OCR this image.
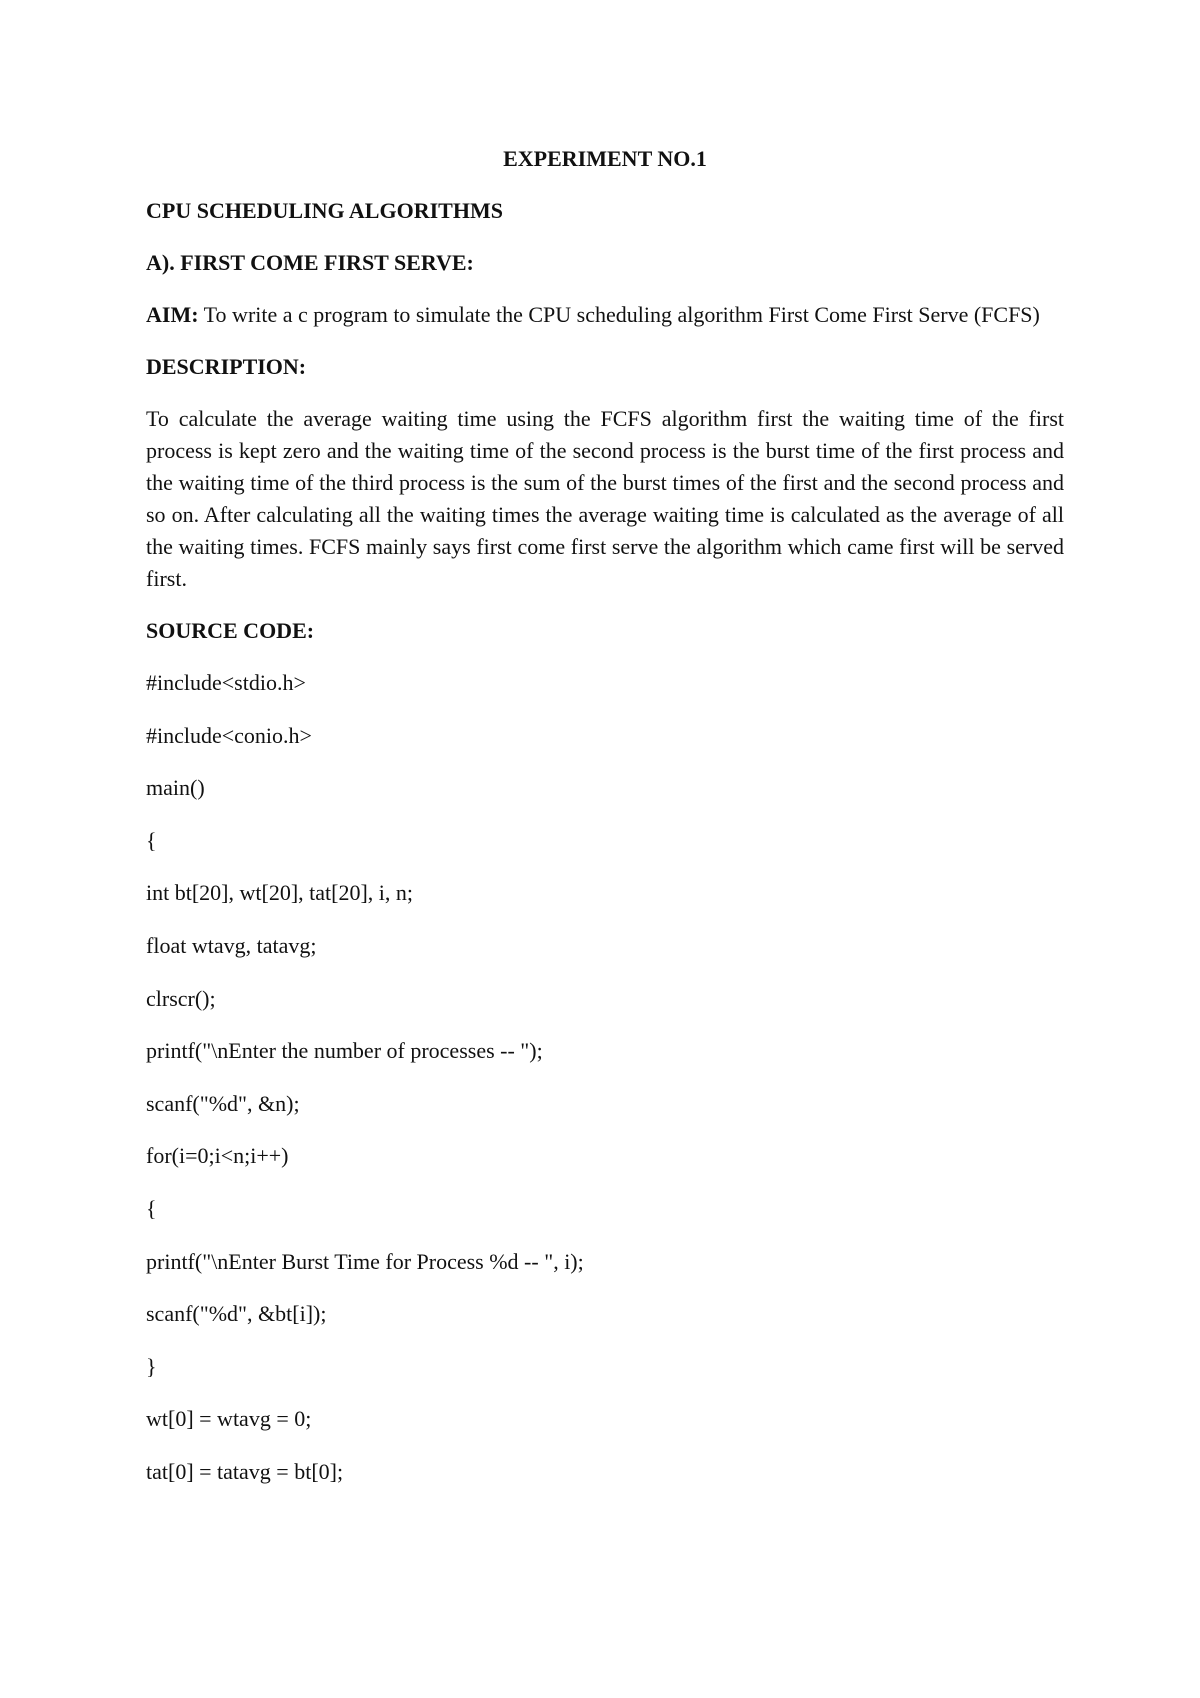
EXPERIMENT NO.1
CPU SCHEDULING ALGORITHMS
A). FIRST COME FIRST SERVE:
AIM: To write a c program to simulate the CPU scheduling algorithm First Come First Serve (FCFS)
DESCRIPTION:
To calculate the average waiting time using the FCFS algorithm first the waiting time of the first process is kept zero and the waiting time of the second process is the burst time of the first process and the waiting time of the third process is the sum of the burst times of the first and the second process and so on. After calculating all the waiting times the average waiting time is calculated as the average of all the waiting times. FCFS mainly says first come first serve the algorithm which came first will be served first.
SOURCE CODE:
#include<stdio.h>
#include<conio.h>
main()
{
int bt[20], wt[20], tat[20], i, n;
float wtavg, tatavg;
clrscr();
printf("\nEnter the number of processes -- ");
scanf("%d", &n);
for(i=0;i<n;i++)
{
printf("\nEnter Burst Time for Process %d -- ", i);
scanf("%d", &bt[i]);
}
wt[0] = wtavg = 0;
tat[0] = tatavg = bt[0];
